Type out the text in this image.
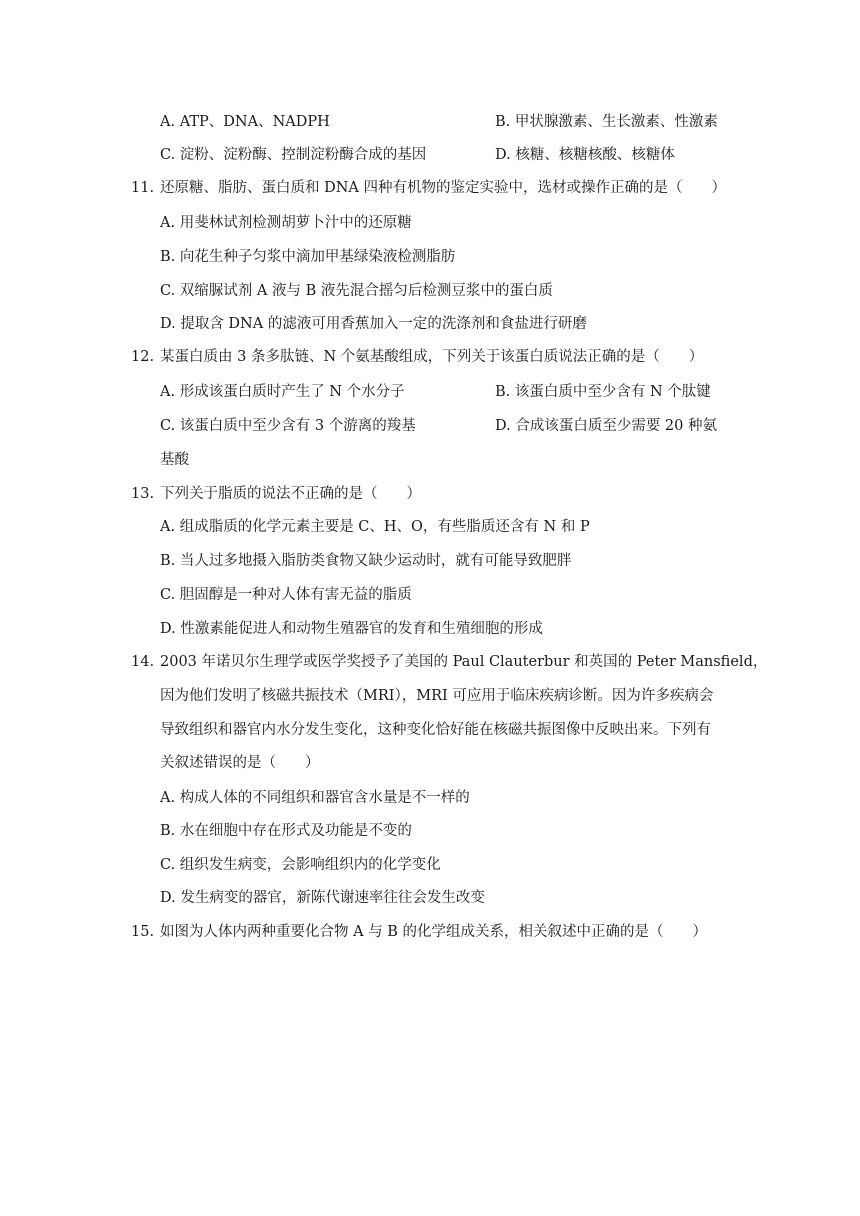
A. ATP、DNA、NADPH	B. 甲状腺激素、生长激素、性激素
C. 淀粉、淀粉酶、控制淀粉酶合成的基因	D. 核糖、核糖核酸、核糖体
11. 还原糖、脂肪、蛋白质和 DNA 四种有机物的鉴定实验中，选材或操作正确的是（　　）
A. 用斐林试剂检测胡萝卜汁中的还原糖
B. 向花生种子匀浆中滴加甲基绿染液检测脂肪
C. 双缩脲试剂 A 液与 B 液先混合摇匀后检测豆浆中的蛋白质
D. 提取含 DNA 的滤液可用香蕉加入一定的洗涤剂和食盐进行研磨
12. 某蛋白质由 3 条多肽链、N 个氨基酸组成，下列关于该蛋白质说法正确的是（　　）
A. 形成该蛋白质时产生了 N 个水分子	B. 该蛋白质中至少含有 N 个肽键
C. 该蛋白质中至少含有 3 个游离的羧基	D. 合成该蛋白质至少需要 20 种氨
基酸
13. 下列关于脂质的说法不正确的是（　　）
A. 组成脂质的化学元素主要是 C、H、O，有些脂质还含有 N 和 P
B. 当人过多地摄入脂肪类食物又缺少运动时，就有可能导致肥胖
C. 胆固醇是一种对人体有害无益的脂质
D. 性激素能促进人和动物生殖器官的发育和生殖细胞的形成
14. 2003 年诺贝尔生理学或医学奖授予了美国的 Paul Clauterbur 和英国的 Peter Mansfield，
因为他们发明了核磁共振技术（MRI），MRI 可应用于临床疾病诊断。因为许多疾病会
导致组织和器官内水分发生变化，这种变化恰好能在核磁共振图像中反映出来。下列有
关叙述错误的是（　　）
A. 构成人体的不同组织和器官含水量是不一样的
B. 水在细胞中存在形式及功能是不变的
C. 组织发生病变，会影响组织内的化学变化
D. 发生病变的器官，新陈代谢速率往往会发生改变
15. 如图为人体内两种重要化合物 A 与 B 的化学组成关系，相关叙述中正确的是（　　）
